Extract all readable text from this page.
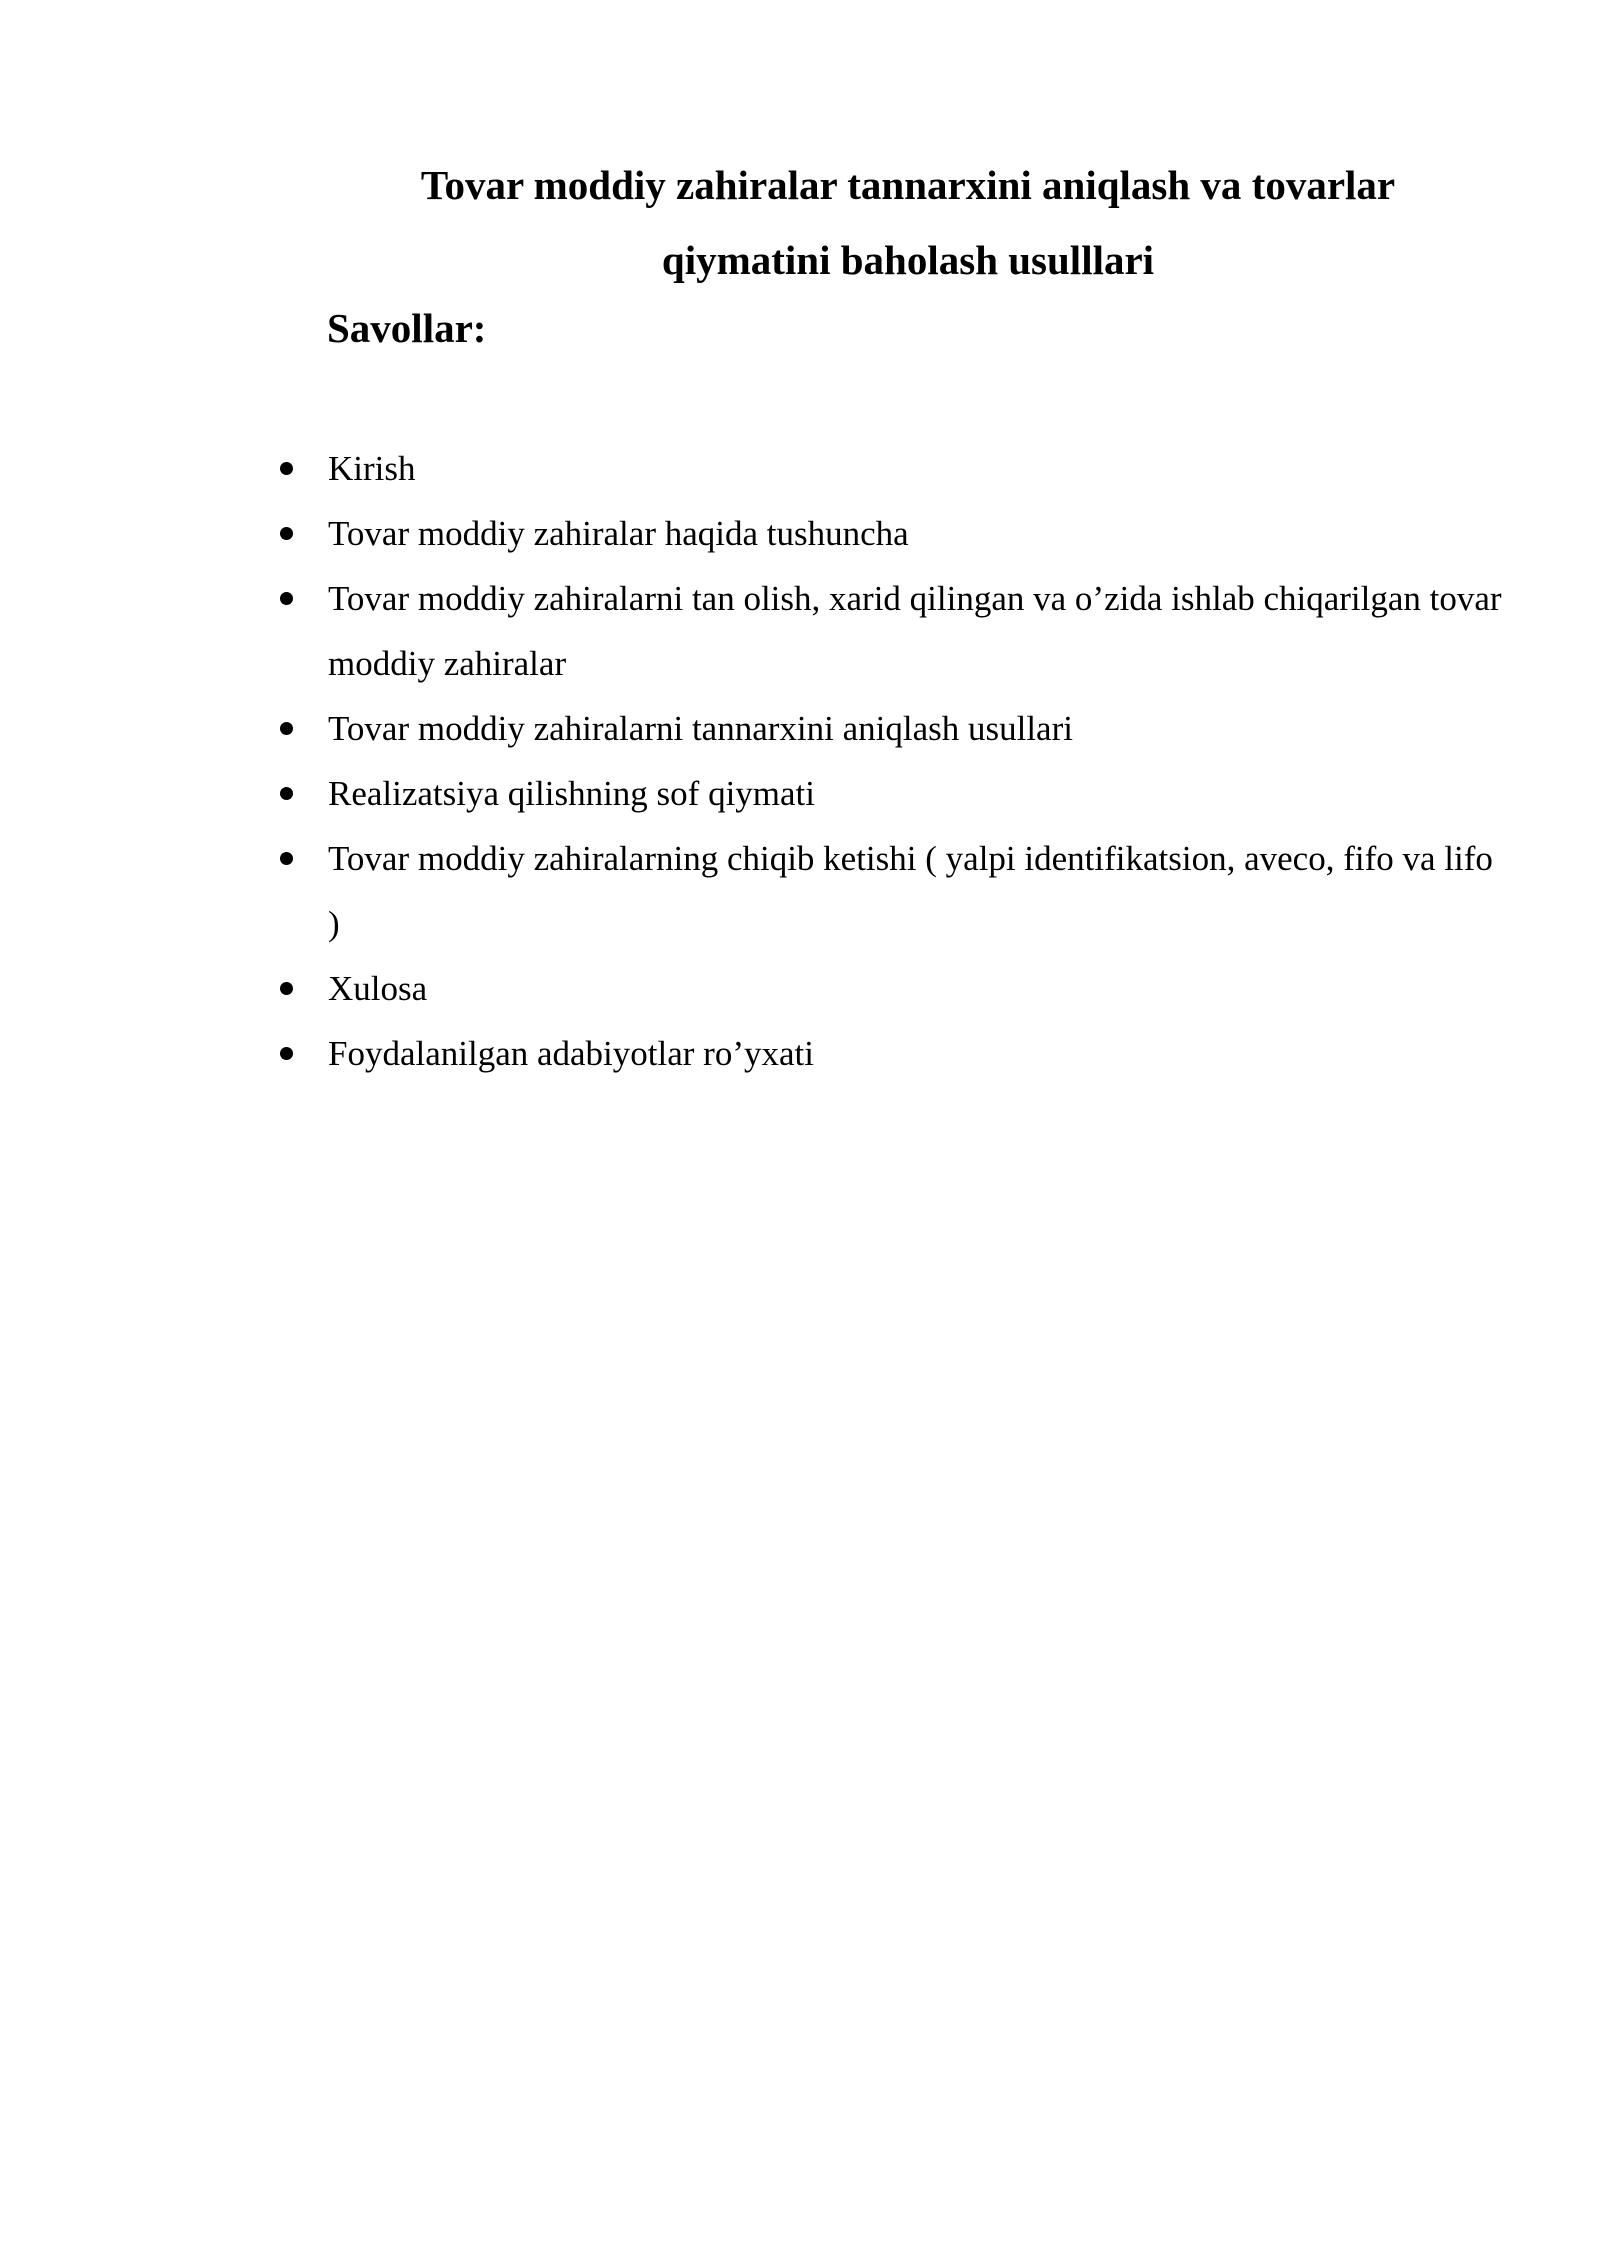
Tovar moddiy zahiralar tannarxini aniqlash va tovarlar
qiymatini baholash usulllari
Savollar:
Kirish
Tovar moddiy zahiralar haqida tushuncha
Tovar moddiy zahiralarni tan olish, xarid qilingan va o’zida ishlab chiqarilgan tovar moddiy zahiralar
Tovar moddiy zahiralarni tannarxini aniqlash usullari
Realizatsiya qilishning sof qiymati
Tovar moddiy zahiralarning chiqib ketishi ( yalpi identifikatsion, aveco, fifo va lifo )
Xulosa
Foydalanilgan adabiyotlar ro’yxati
